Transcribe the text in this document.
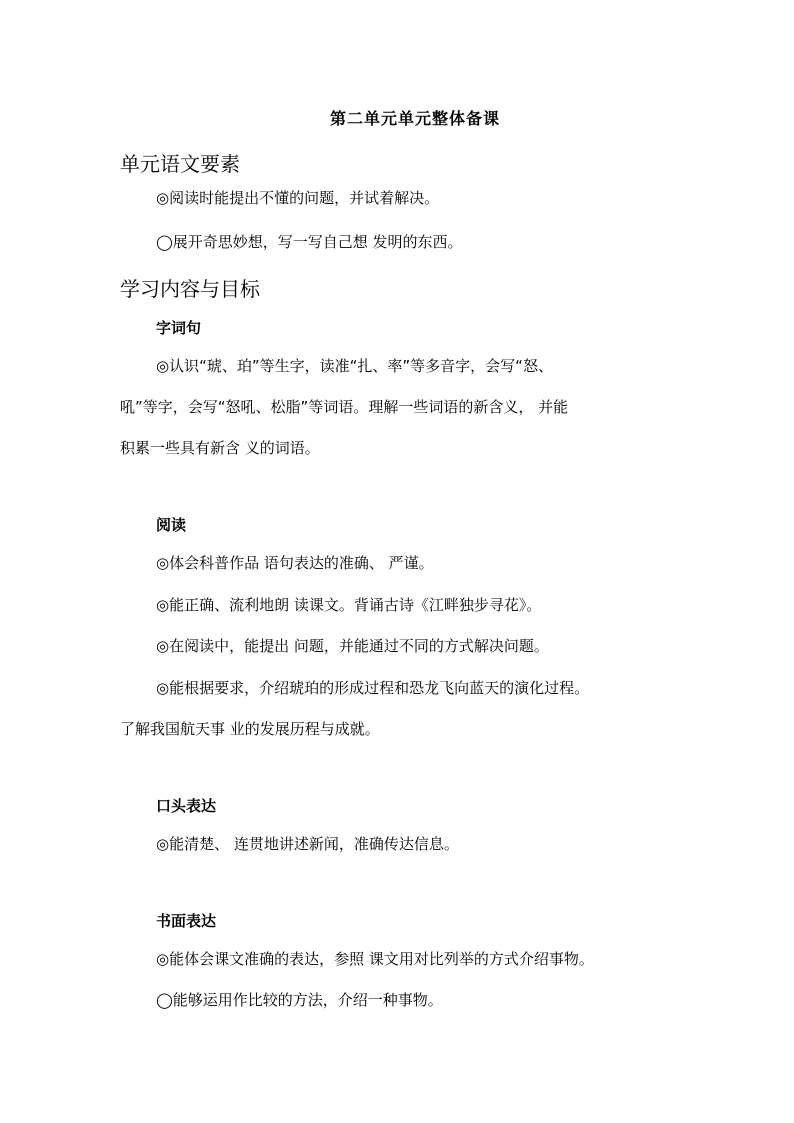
第二单元单元整体备课
单元语文要素
◎阅读时能提出不懂的问题，并试着解决。
◯展开奇思妙想，写一写自己想 发明的东西。
学习内容与目标
字词句
◎认识“琥、珀”等生字，读准“扎、率”等多音字，会写“怒、
吼”等字，会写“怒吼、松脂”等词语。理解一些词语的新含义， 并能
积累一些具有新含 义的词语。
阅读
◎体会科普作品 语句表达的准确、 严谨。
◎能正确、流利地朗 读课文。背诵古诗《江畔独步寻花》。
◎在阅读中，能提出 问题，并能通过不同的方式解决问题。
◎能根据要求，介绍琥珀的形成过程和恐龙飞向蓝天的演化过程。
了解我国航天事 业的发展历程与成就。
口头表达
◎能清楚、 连贯地讲述新闻，准确传达信息。
书面表达
◎能体会课文准确的表达，参照 课文用对比列举的方式介绍事物。
◯能够运用作比较的方法，介绍一种事物。
